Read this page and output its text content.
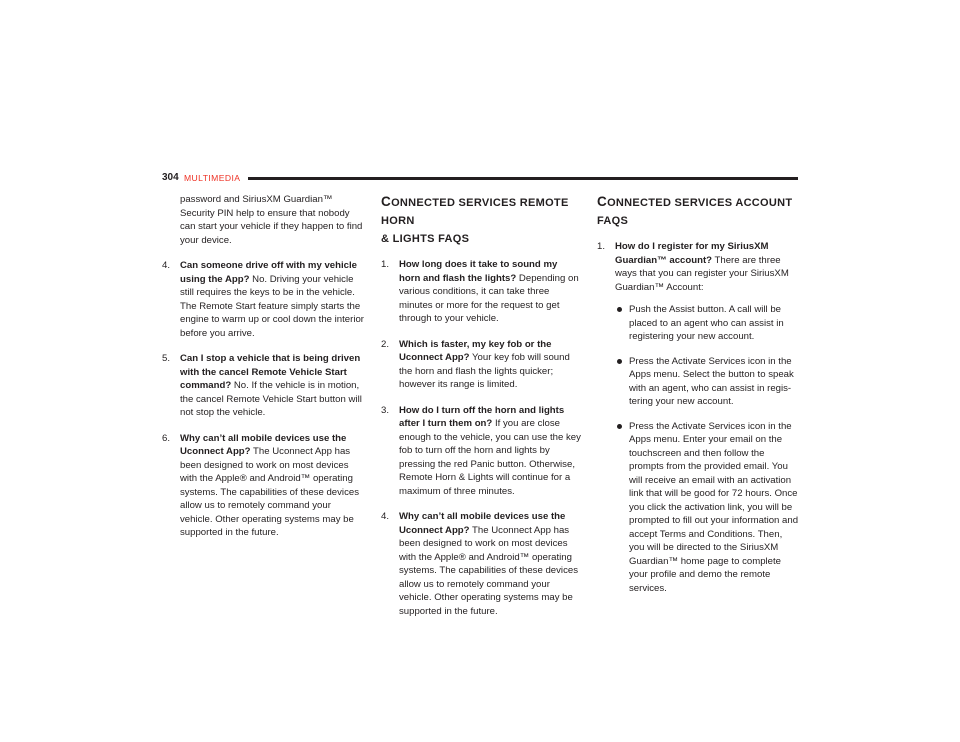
304 MULTIMEDIA

password and SiriusXM Guardian™ Security PIN help to ensure that nobody can start your vehicle if they happen to find your device.

4. Can someone drive off with my vehicle using the App? No. Driving your vehicle still requires the keys to be in the vehicle. The Remote Start feature simply starts the engine to warm up or cool down the interior before you arrive.
5. Can I stop a vehicle that is being driven with the cancel Remote Vehicle Start command? No. If the vehicle is in motion, the cancel Remote Vehicle Start button will not stop the vehicle.
6. Why can’t all mobile devices use the Uconnect App? The Uconnect App has been designed to work on most devices with the Apple® and Android™ operating systems. The capabilities of these devices allow us to remotely command your vehicle. Other operating systems may be supported in the future.
CONNECTED SERVICES REMOTE HORN
& LIGHTS FAQS
1. How long does it take to sound my horn and flash the lights? Depending on various conditions, it can take three minutes or more for the request to get through to your vehicle.
2. Which is faster, my key fob or the Uconnect App? Your key fob will sound the horn and flash the lights quicker; however its range is limited.
3. How do I turn off the horn and lights after I turn them on? If you are close enough to the vehicle, you can use the key fob to turn off the horn and lights by pressing the red Panic button. Otherwise, Remote Horn & Lights will continue for a maximum of three minutes.
4. Why can’t all mobile devices use the Uconnect App? The Uconnect App has been designed to work on most devices with the Apple® and Android™ operating systems. The capabilities of these devices allow us to remotely command your vehicle. Other operating systems may be supported in the future.
CONNECTED SERVICES ACCOUNT FAQS
1. How do I register for my SiriusXM Guardian™ account? There are three ways that you can register your SiriusXM Guardian™ Account:
Push the Assist button. A call will be placed to an agent who can assist in registering your new account.
Press the Activate Services icon in the Apps menu. Select the button to speak with an agent, who can assist in regis-tering your new account.
Press the Activate Services icon in the Apps menu. Enter your email on the touchscreen and then follow the prompts from the provided email. You will receive an email with an activation link that will be good for 72 hours. Once you click the activation link, you will be prompted to fill out your information and accept Terms and Conditions. Then, you will be directed to the SiriusXM Guardian™ home page to complete your profile and demo the remote services.
